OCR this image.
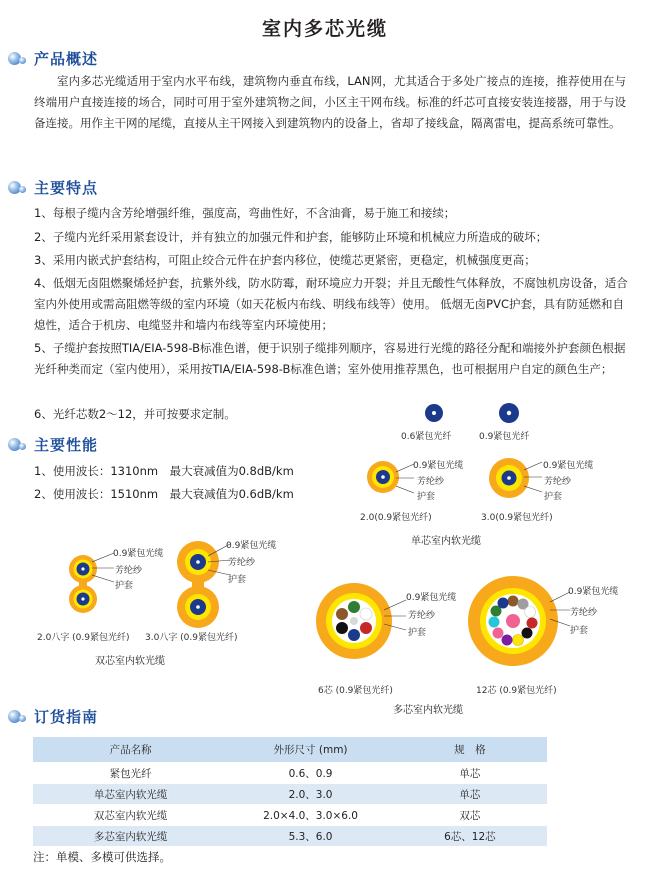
室内多芯光缆
产品概述
室内多芯光缆适用于室内水平布线，建筑物内垂直布线，LAN网，尤其适合于多处广接点的连接，推荐使用在与终端用户直接连接的场合，同时可用于室外建筑物之间，小区主干网布线。标准的纤芯可直接安装连接器，用于与设备连接。用作主干网的尾缆，直接从主干网接入到建筑物内的设备上，省却了接线盒，隔离雷电，提高系统可靠性。
主要特点
1、每根子缆内含芳纶增强纤维，强度高，弯曲性好，不含油膏，易于施工和接续；
2、子缆内光纤采用紧套设计，并有独立的加强元件和护套，能够防止环境和机械应力所造成的破坏；
3、采用内嵌式护套结构，可阻止绞合元件在护套内移位，使缆芯更紧密，更稳定，机械强度更高；
4、低烟无卤阻燃聚烯烃护套，抗紫外线，防水防霉，耐环境应力开裂；并且无酸性气体释放，不腐蚀机房设备，适合室内外使用或需高阻燃等级的室内环境（如天花板内布线、明线布线等）使用。 低烟无卤PVC护套，具有防延燃和自熄性，适合于机房、电缆竖井和墙内布线等室内环境使用；
5、子缆护套按照TIA/EIA-598-B标准色谱，便于识别子缆排列顺序，容易进行光缆的路径分配和端接外护套颜色根据光纤种类而定（室内使用），采用按TIA/EIA-598-B标准色谱；室外使用推荐黑色，也可根据用户自定的颜色生产；
6、光纤芯数2～12，并可按要求定制。
主要性能
1、使用波长：1310nm　最大衰减值为0.8dB/km
2、使用波长：1510nm　最大衰减值为0.6dB/km
0.6紧包光纤	0.9紧包光纤
0.9紧包光缆
芳纶纱
护套
2.0(0.9紧包光纤)
0.9紧包光缆
芳纶纱
护套
3.0(0.9紧包光纤)
单芯室内软光缆
0.9紧包光缆
芳纶纱
护套
2.0八字 (0.9紧包光纤)
0.9紧包光缆
芳纶纱
护套
3.0八字 (0.9紧包光纤)
双芯室内软光缆
0.9紧包光缆
芳纶纱
护套
6芯 (0.9紧包光纤)
0.9紧包光缆
芳纶纱
护套
12芯 (0.9紧包光纤)
多芯室内软光缆
订货指南
产品名称	外形尺寸 (mm)	规　格
紧包光纤	0.6、0.9	单芯
单芯室内软光缆	2.0、3.0	单芯
双芯室内软光缆	2.0×4.0、3.0×6.0	双芯
多芯室内软光缆	5.3、6.0	6芯、12芯
注：单模、多模可供选择。
